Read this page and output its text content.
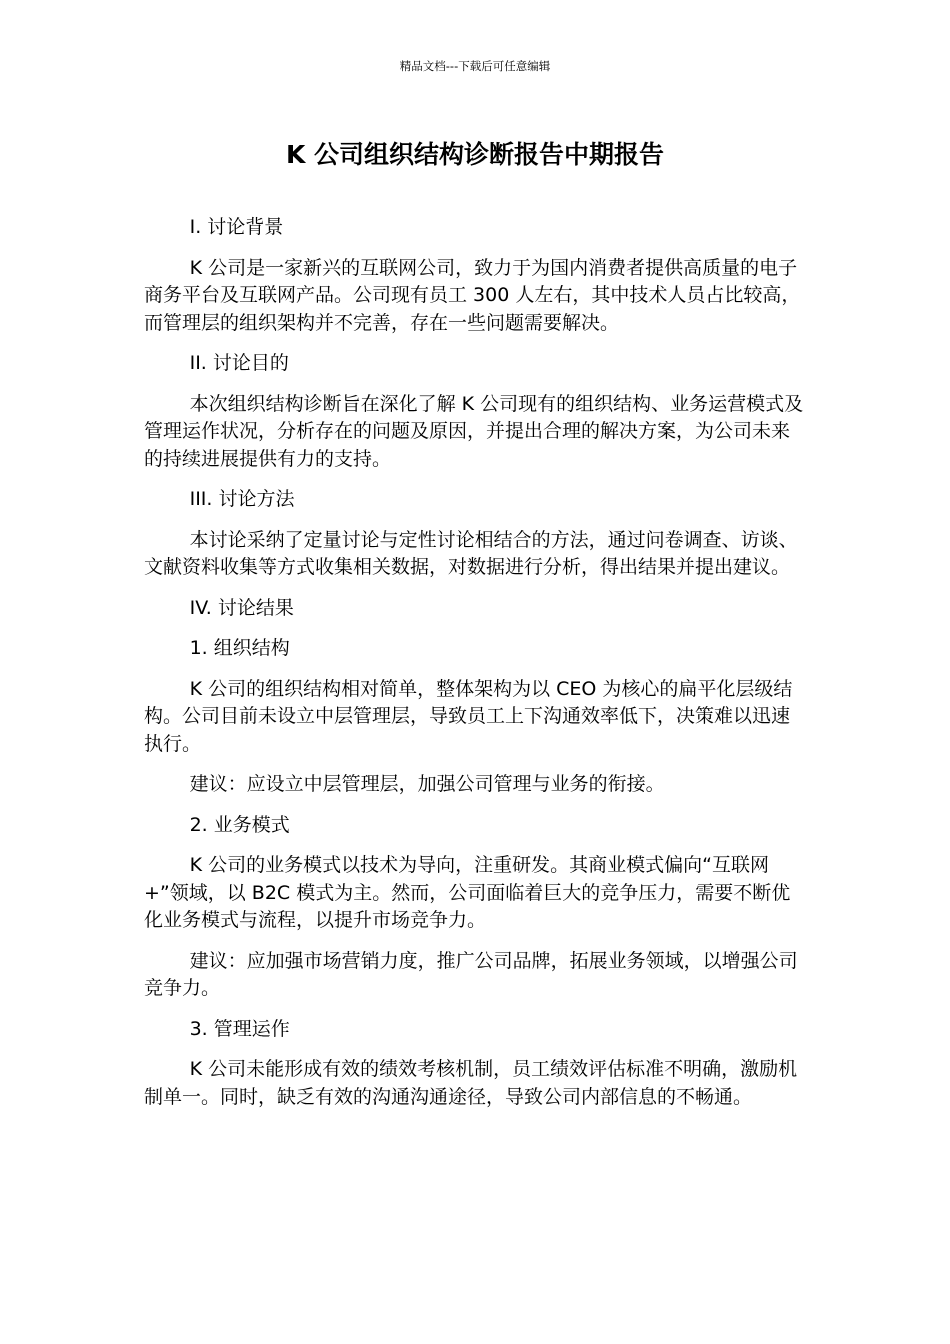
精品文档---下载后可任意编辑
K 公司组织结构诊断报告中期报告

I. 讨论背景

K 公司是一家新兴的互联网公司，致力于为国内消费者提供高质量的电子商务平台及互联网产品。公司现有员工 300 人左右，其中技术人员占比较高，而管理层的组织架构并不完善，存在一些问题需要解决。

II. 讨论目的

本次组织结构诊断旨在深化了解 K 公司现有的组织结构、业务运营模式及管理运作状况，分析存在的问题及原因，并提出合理的解决方案，为公司未来的持续进展提供有力的支持。

III. 讨论方法

本讨论采纳了定量讨论与定性讨论相结合的方法，通过问卷调查、访谈、文献资料收集等方式收集相关数据，对数据进行分析，得出结果并提出建议。

IV. 讨论结果

1. 组织结构

K 公司的组织结构相对简单，整体架构为以 CEO 为核心的扁平化层级结构。公司目前未设立中层管理层，导致员工上下沟通效率低下，决策难以迅速执行。

建议：应设立中层管理层，加强公司管理与业务的衔接。

2. 业务模式

K 公司的业务模式以技术为导向，注重研发。其商业模式偏向“互联网+”领域，以 B2C 模式为主。然而，公司面临着巨大的竞争压力，需要不断优化业务模式与流程，以提升市场竞争力。

建议：应加强市场营销力度，推广公司品牌，拓展业务领域，以增强公司竞争力。

3. 管理运作

K 公司未能形成有效的绩效考核机制，员工绩效评估标准不明确，激励机制单一。同时，缺乏有效的沟通沟通途径，导致公司内部信息的不畅通。
